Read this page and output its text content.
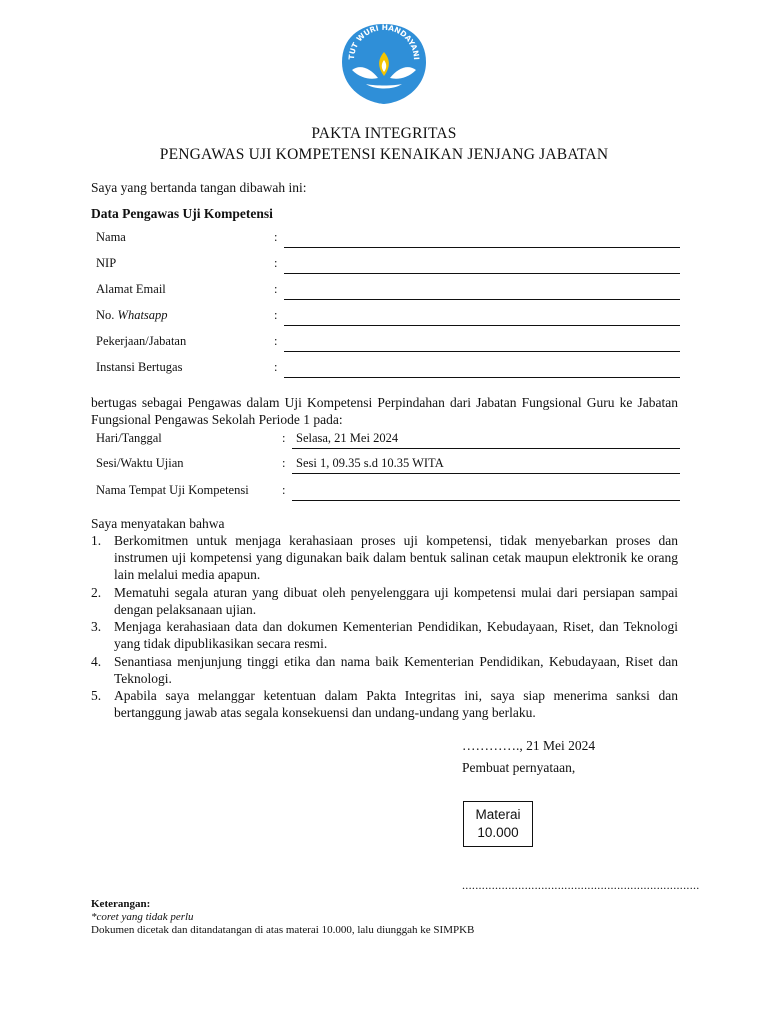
TUT WURI HANDAYANI
PAKTA INTEGRITAS
PENGAWAS UJI KOMPETENSI KENAIKAN JENJANG JABATAN
Saya yang bertanda tangan dibawah ini:
Data Pengawas Uji Kompetensi
Nama	:
NIP	:
Alamat Email	:
No. Whatsapp	:
Pekerjaan/Jabatan	:
Instansi Bertugas	:
bertugas sebagai Pengawas dalam Uji Kompetensi Perpindahan dari Jabatan Fungsional Guru ke Jabatan Fungsional Pengawas Sekolah Periode 1 pada:
Hari/Tanggal	: Selasa, 21 Mei 2024
Sesi/Waktu Ujian	: Sesi 1, 09.35 s.d 10.35 WITA
Nama Tempat Uji Kompetensi	:
Saya menyatakan bahwa
1. Berkomitmen untuk menjaga kerahasiaan proses uji kompetensi, tidak menyebarkan proses dan instrumen uji kompetensi yang digunakan baik dalam bentuk salinan cetak maupun elektronik ke orang lain melalui media apapun.
2. Mematuhi segala aturan yang dibuat oleh penyelenggara uji kompetensi mulai dari persiapan sampai dengan pelaksanaan ujian.
3. Menjaga kerahasiaan data dan dokumen Kementerian Pendidikan, Kebudayaan, Riset, dan Teknologi yang tidak dipublikasikan secara resmi.
4. Senantiasa menjunjung tinggi etika dan nama baik Kementerian Pendidikan, Kebudayaan, Riset dan Teknologi.
5. Apabila saya melanggar ketentuan dalam Pakta Integritas ini, saya siap menerima sanksi dan bertanggung jawab atas segala konsekuensi dan undang-undang yang berlaku.
…………., 21 Mei 2024
Pembuat pernyataan,
Materai
10.000
........................................................................
Keterangan:
*coret yang tidak perlu
Dokumen dicetak dan ditandatangan di atas materai 10.000, lalu diunggah ke SIMPKB
